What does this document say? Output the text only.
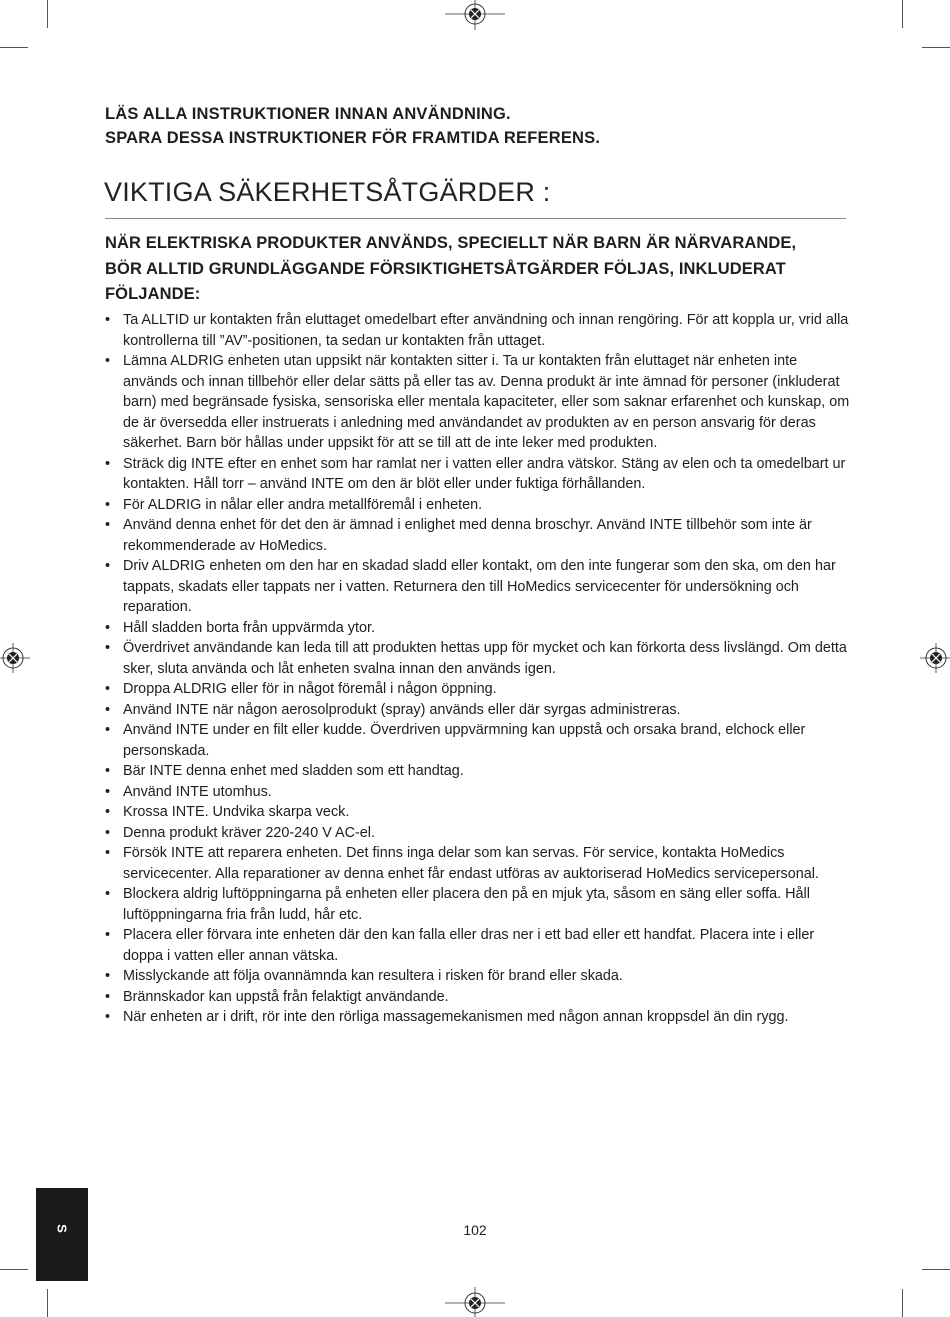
LÄS ALLA INSTRUKTIONER INNAN ANVÄNDNING.
SPARA DESSA INSTRUKTIONER FÖR FRAMTIDA REFERENS.
VIKTIGA SÄKERHETSÅTGÄRDER :
NÄR ELEKTRISKA PRODUKTER ANVÄNDS, SPECIELLT NÄR BARN ÄR NÄRVARANDE,
BÖR ALLTID GRUNDLÄGGANDE FÖRSIKTIGHETSÅTGÄRDER FÖLJAS, INKLUDERAT
FÖLJANDE:
• Ta ALLTID ur kontakten från eluttaget omedelbart efter användning och innan rengöring. För att koppla ur, vrid alla kontrollerna till ”AV”-positionen, ta sedan ur kontakten från uttaget.
• Lämna ALDRIG enheten utan uppsikt när kontakten sitter i. Ta ur kontakten från eluttaget när enheten inte används och innan tillbehör eller delar sätts på eller tas av. Denna produkt är inte ämnad för personer (inkluderat barn) med begränsade fysiska, sensoriska eller mentala kapaciteter, eller som saknar erfarenhet och kunskap, om de är översedda eller instruerats i anledning med användandet av produkten av en person ansvarig för deras säkerhet. Barn bör hållas under uppsikt för att se till att de inte leker med produkten.
• Sträck dig INTE efter en enhet som har ramlat ner i vatten eller andra vätskor. Stäng av elen och ta omedelbart ur kontakten. Håll torr – använd INTE om den är blöt eller under fuktiga förhållanden.
• För ALDRIG in nålar eller andra metallföremål i enheten.
• Använd denna enhet för det den är ämnad i enlighet med denna broschyr. Använd INTE tillbehör som inte är rekommenderade av HoMedics.
• Driv ALDRIG enheten om den har en skadad sladd eller kontakt, om den inte fungerar som den ska, om den har tappats, skadats eller tappats ner i vatten. Returnera den till HoMedics servicecenter för undersökning och reparation.
• Håll sladden borta från uppvärmda ytor.
• Överdrivet användande kan leda till att produkten hettas upp för mycket och kan förkorta dess livslängd. Om detta sker, sluta använda och låt enheten svalna innan den används igen.
• Droppa ALDRIG eller för in något föremål i någon öppning.
• Använd INTE när någon aerosolprodukt (spray) används eller där syrgas administreras.
• Använd INTE under en filt eller kudde. Överdriven uppvärmning kan uppstå och orsaka brand, elchock eller personskada.
• Bär INTE denna enhet med sladden som ett handtag.
• Använd INTE utomhus.
• Krossa INTE. Undvika skarpa veck.
• Denna produkt kräver 220-240 V AC-el.
• Försök INTE att reparera enheten. Det finns inga delar som kan servas. För service, kontakta HoMedics servicecenter. Alla reparationer av denna enhet får endast utföras av auktoriserad HoMedics servicepersonal.
• Blockera aldrig luftöppningarna på enheten eller placera den på en mjuk yta, såsom en säng eller soffa. Håll luftöppningarna fria från ludd, hår etc.
• Placera eller förvara inte enheten där den kan falla eller dras ner i ett bad eller ett handfat. Placera inte i eller doppa i vatten eller annan vätska.
• Misslyckande att följa ovannämnda kan resultera i risken för brand eller skada.
• Brännskador kan uppstå från felaktigt användande.
• När enheten ar i drift, rör inte den rörliga massagemekanismen med någon annan kroppsdel än din rygg.
S	102
